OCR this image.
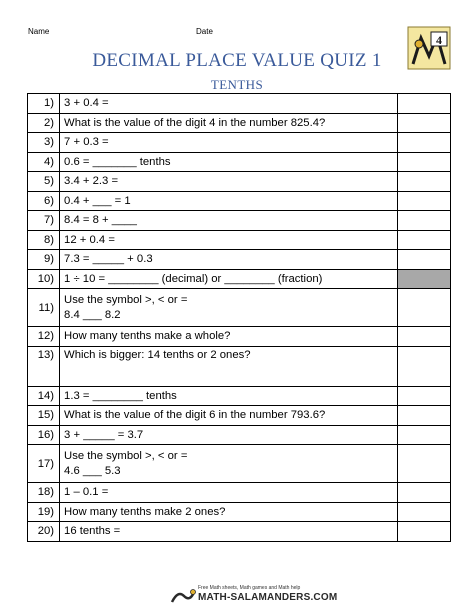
Name	Date
DECIMAL PLACE VALUE QUIZ 1
TENTHS
4
1)	3 + 0.4 =	
2)	What is the value of the digit 4 in the number 825.4?	
3)	7 + 0.3 =	
4)	0.6 = _______ tenths	
5)	3.4 + 2.3 =	
6)	0.4 + ___ = 1	
7)	8.4 = 8 + ____	
8)	12 + 0.4 =	
9)	7.3 = _____ + 0.3	
10)	1 ÷ 10 = ________ (decimal) or ________ (fraction)	
11)	Use the symbol >, < or =
8.4 ___ 8.2	

12)	How many tenths make a whole?	
13)	Which is bigger: 14 tenths or 2 ones?	
14)	1.3 = ________ tenths	
15)	What is the value of the digit 6 in the number 793.6?	
16)	3 + _____ = 3.7	
17)	Use the symbol >, < or =
4.6 ___ 5.3	

18)	1 – 0.1 =	
19)	How many tenths make 2 ones?	
20)	16 tenths =	
Free Math sheets, Math games and Math help
MATH-SALAMANDERS.COM
